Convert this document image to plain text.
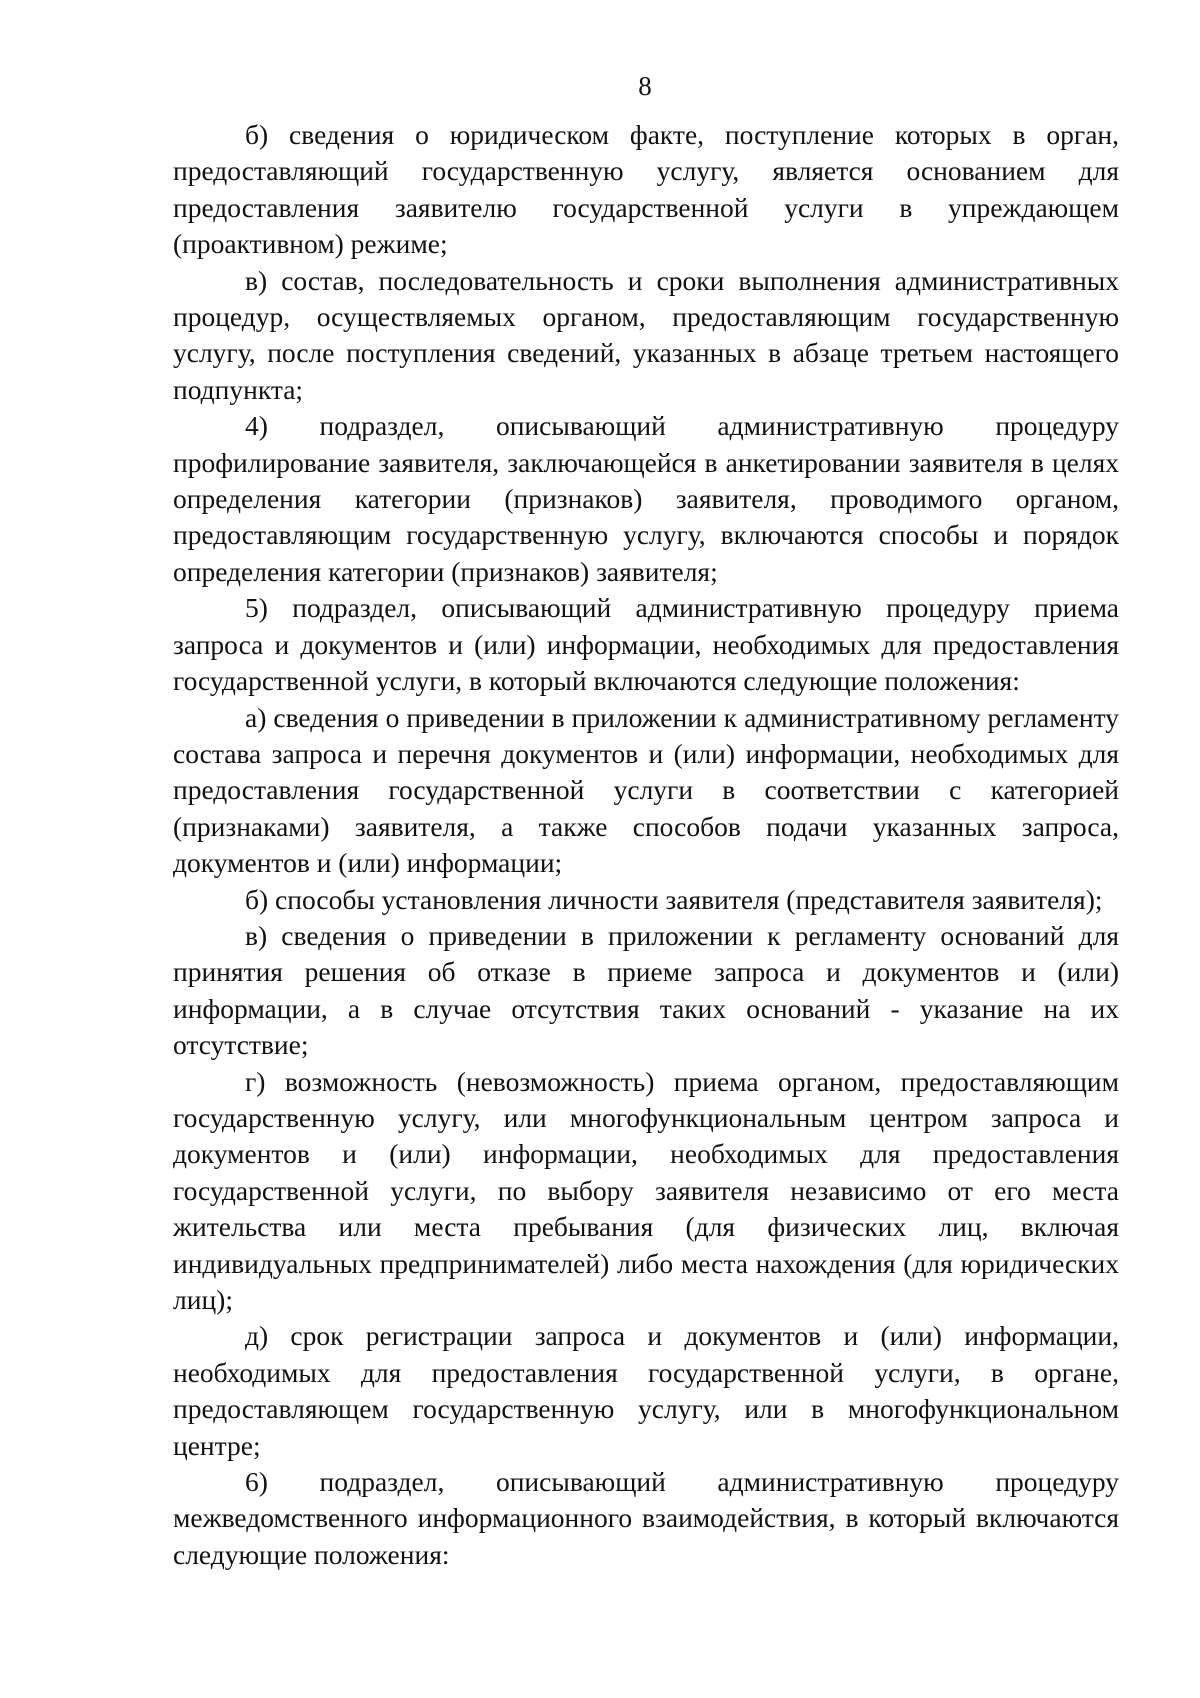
8

б) сведения о юридическом факте, поступление которых в орган, предоставляющий государственную услугу, является основанием для предоставления заявителю государственной услуги в упреждающем (проактивном) режиме;

в) состав, последовательность и сроки выполнения административных процедур, осуществляемых органом, предоставляющим государственную услугу, после поступления сведений, указанных в абзаце третьем настоящего подпункта;

4) подраздел, описывающий административную процедуру профилирование заявителя, заключающейся в анкетировании заявителя в целях определения категории (признаков) заявителя, проводимого органом, предоставляющим государственную услугу, включаются способы и порядок определения категории (признаков) заявителя;

5) подраздел, описывающий административную процедуру приема запроса и документов и (или) информации, необходимых для предоставления государственной услуги, в который включаются следующие положения:

а) сведения о приведении в приложении к административному регламенту состава запроса и перечня документов и (или) информации, необходимых для предоставления государственной услуги в соответствии с категорией (признаками) заявителя, а также способов подачи указанных запроса, документов и (или) информации;

б) способы установления личности заявителя (представителя заявителя);

в) сведения о приведении в приложении к регламенту оснований для принятия решения об отказе в приеме запроса и документов и (или) информации, а в случае отсутствия таких оснований - указание на их отсутствие;

г) возможность (невозможность) приема органом, предоставляющим государственную услугу, или многофункциональным центром запроса и документов и (или) информации, необходимых для предоставления государственной услуги, по выбору заявителя независимо от его места жительства или места пребывания (для физических лиц, включая индивидуальных предпринимателей) либо места нахождения (для юридических лиц);

д) срок регистрации запроса и документов и (или) информации, необходимых для предоставления государственной услуги, в органе, предоставляющем государственную услугу, или в многофункциональном центре;

6) подраздел, описывающий административную процедуру межведомственного информационного взаимодействия, в который включаются следующие положения:
